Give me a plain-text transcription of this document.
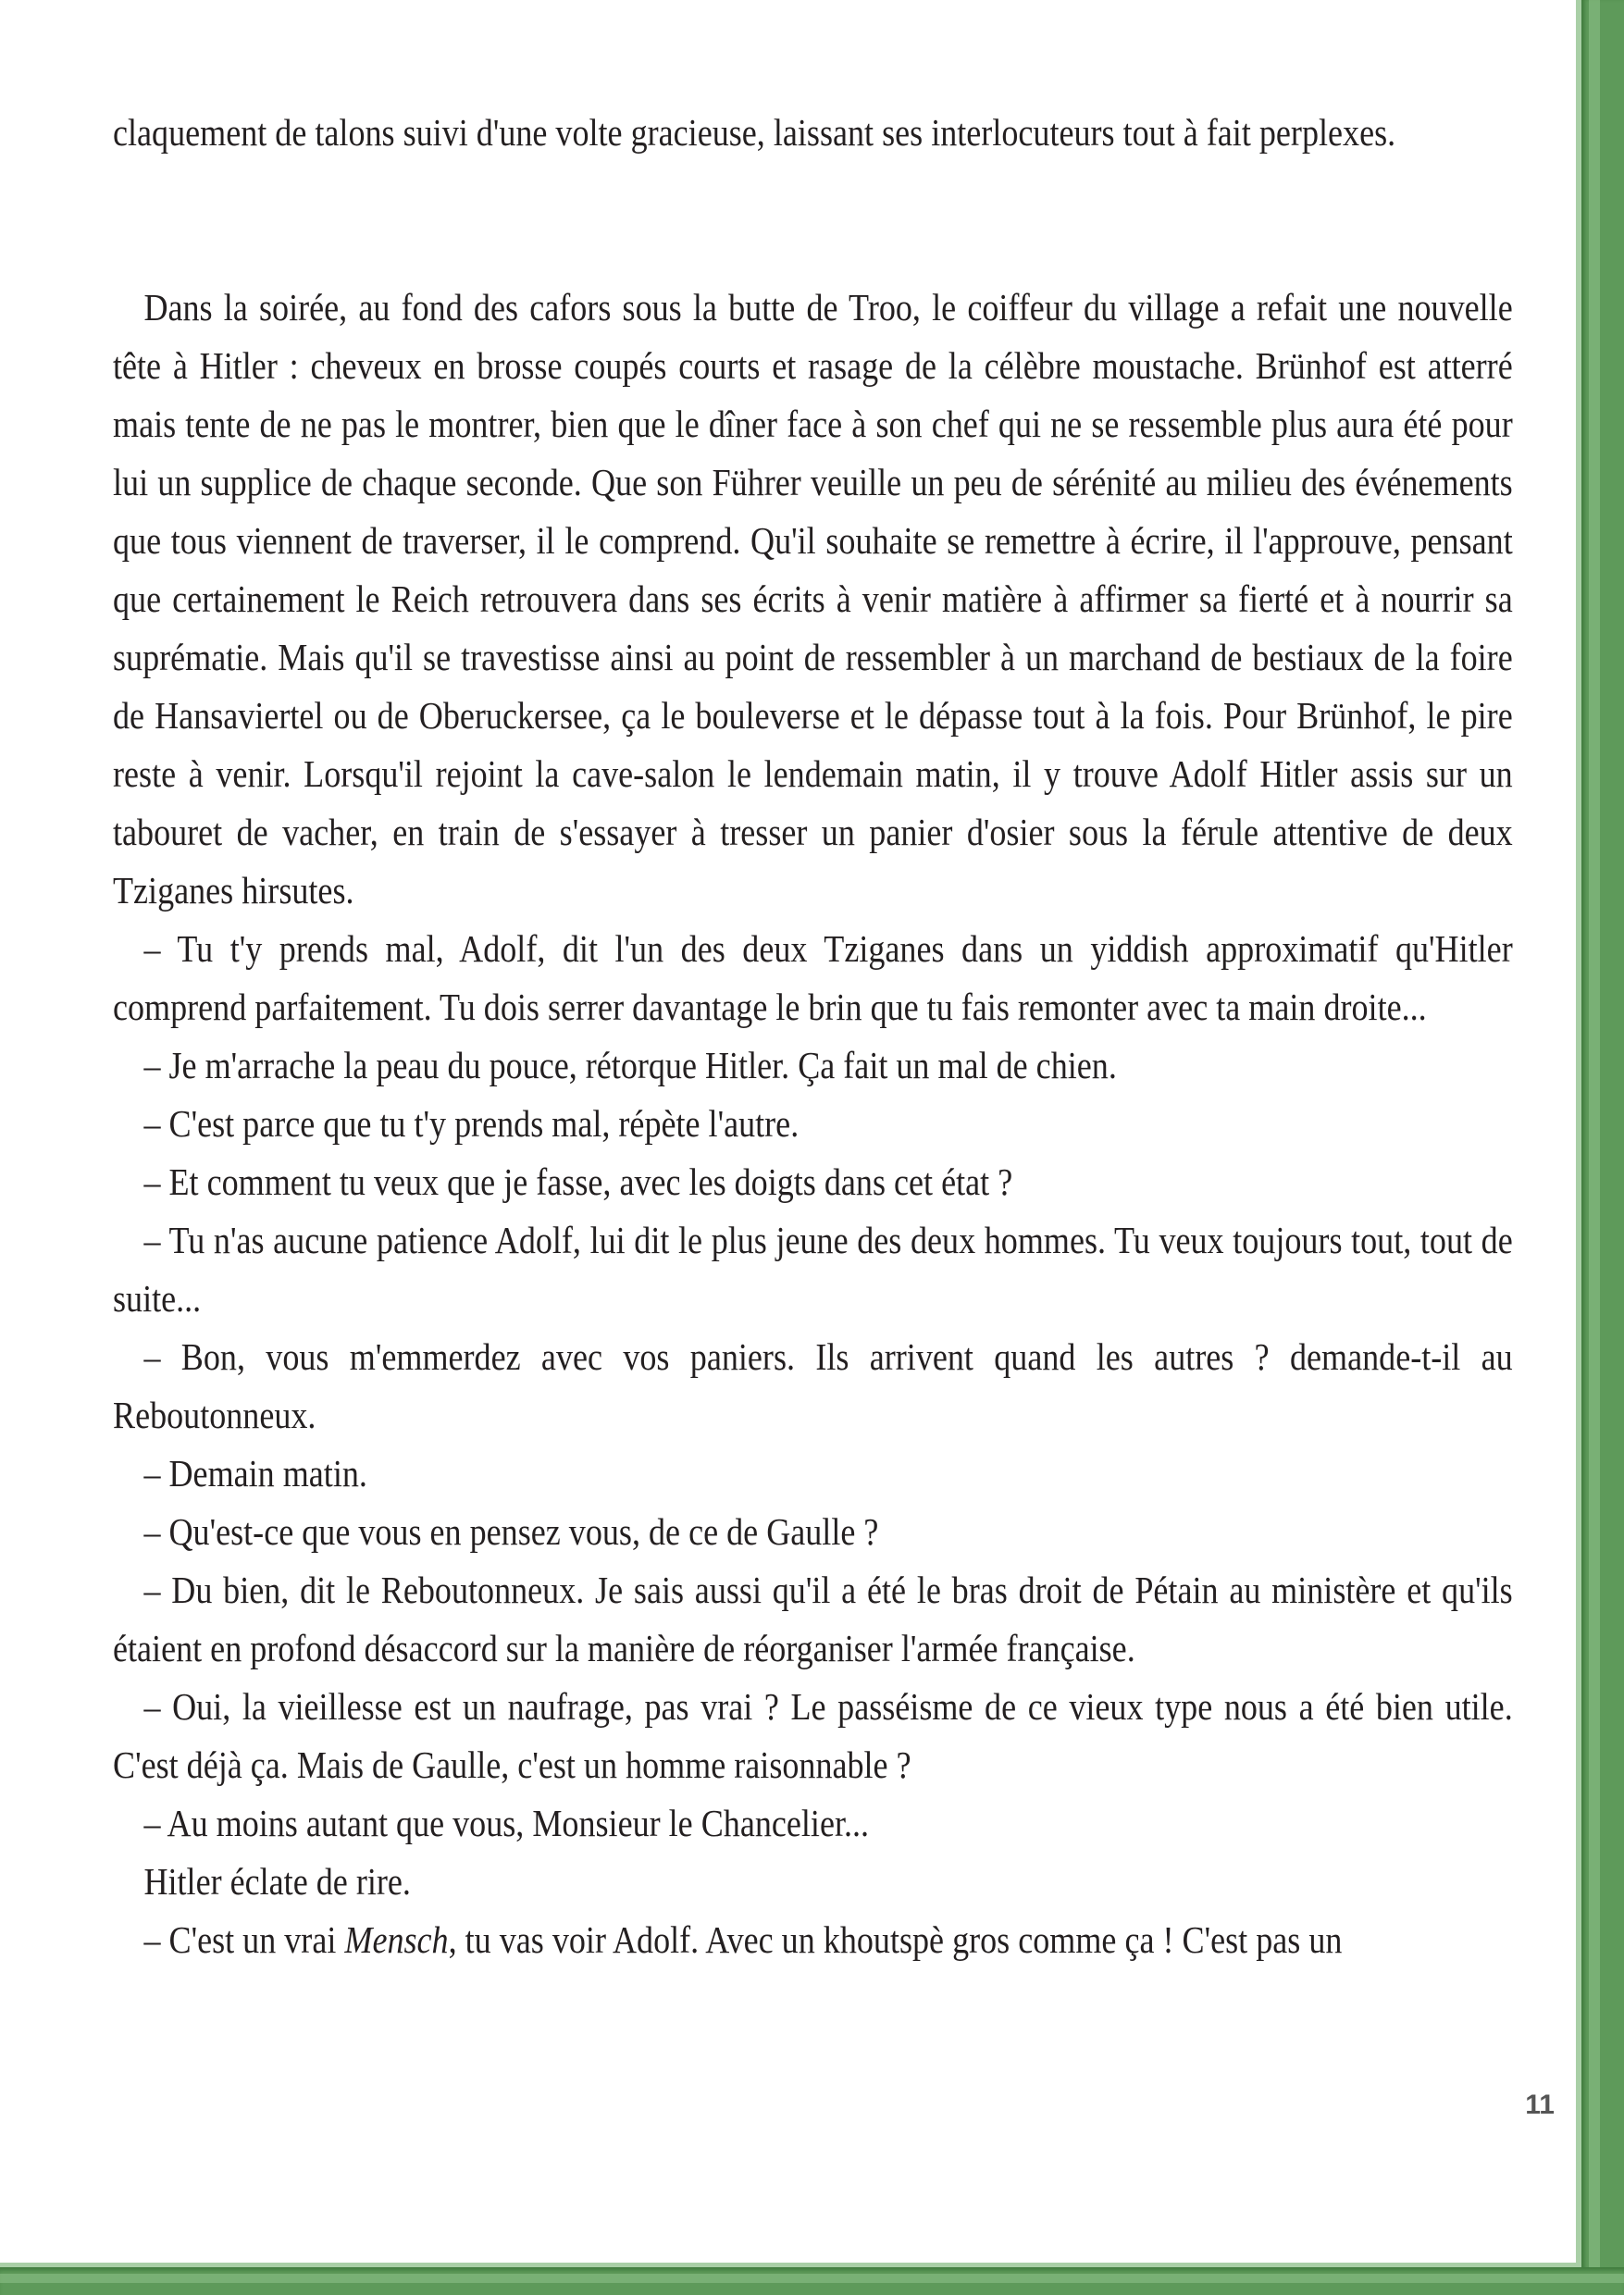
claquement de talons suivi d'une volte gracieuse, laissant ses interlocuteurs tout à fait perplexes.

Dans la soirée, au fond des cafors sous la butte de Troo, le coiffeur du village a refait une nouvelle tête à Hitler : cheveux en brosse coupés courts et rasage de la célèbre moustache. Brünhof est atterré mais tente de ne pas le montrer, bien que le dîner face à son chef qui ne se ressemble plus aura été pour lui un supplice de chaque seconde. Que son Führer veuille un peu de sérénité au milieu des événements que tous viennent de traverser, il le comprend. Qu'il souhaite se remettre à écrire, il l'approuve, pensant que certainement le Reich retrouvera dans ses écrits à venir matière à affirmer sa fierté et à nourrir sa suprématie. Mais qu'il se travestisse ainsi au point de ressembler à un marchand de bestiaux de la foire de Hansaviertel ou de Oberuckersee, ça le bouleverse et le dépasse tout à la fois. Pour Brünhof, le pire reste à venir. Lorsqu'il rejoint la cave-salon le lendemain matin, il y trouve Adolf Hitler assis sur un tabouret de vacher, en train de s'essayer à tresser un panier d'osier sous la férule attentive de deux Tziganes hirsutes.

– Tu t'y prends mal, Adolf, dit l'un des deux Tziganes dans un yiddish approximatif qu'Hitler comprend parfaitement. Tu dois serrer davantage le brin que tu fais remonter avec ta main droite...

– Je m'arrache la peau du pouce, rétorque Hitler. Ça fait un mal de chien.

– C'est parce que tu t'y prends mal, répète l'autre.

– Et comment tu veux que je fasse, avec les doigts dans cet état ?

– Tu n'as aucune patience Adolf, lui dit le plus jeune des deux hommes. Tu veux toujours tout, tout de suite...

– Bon, vous m'emmerdez avec vos paniers. Ils arrivent quand les autres ? demande-t-il au Reboutonneux.

– Demain matin.

– Qu'est-ce que vous en pensez vous, de ce de Gaulle ?

– Du bien, dit le Reboutonneux. Je sais aussi qu'il a été le bras droit de Pétain au ministère et qu'ils étaient en profond désaccord sur la manière de réorganiser l'armée française.

– Oui, la vieillesse est un naufrage, pas vrai ? Le passéisme de ce vieux type nous a été bien utile. C'est déjà ça. Mais de Gaulle, c'est un homme raisonnable ?

– Au moins autant que vous, Monsieur le Chancelier...

Hitler éclate de rire.

– C'est un vrai Mensch, tu vas voir Adolf. Avec un khoutspè gros comme ça ! C'est pas un

11
